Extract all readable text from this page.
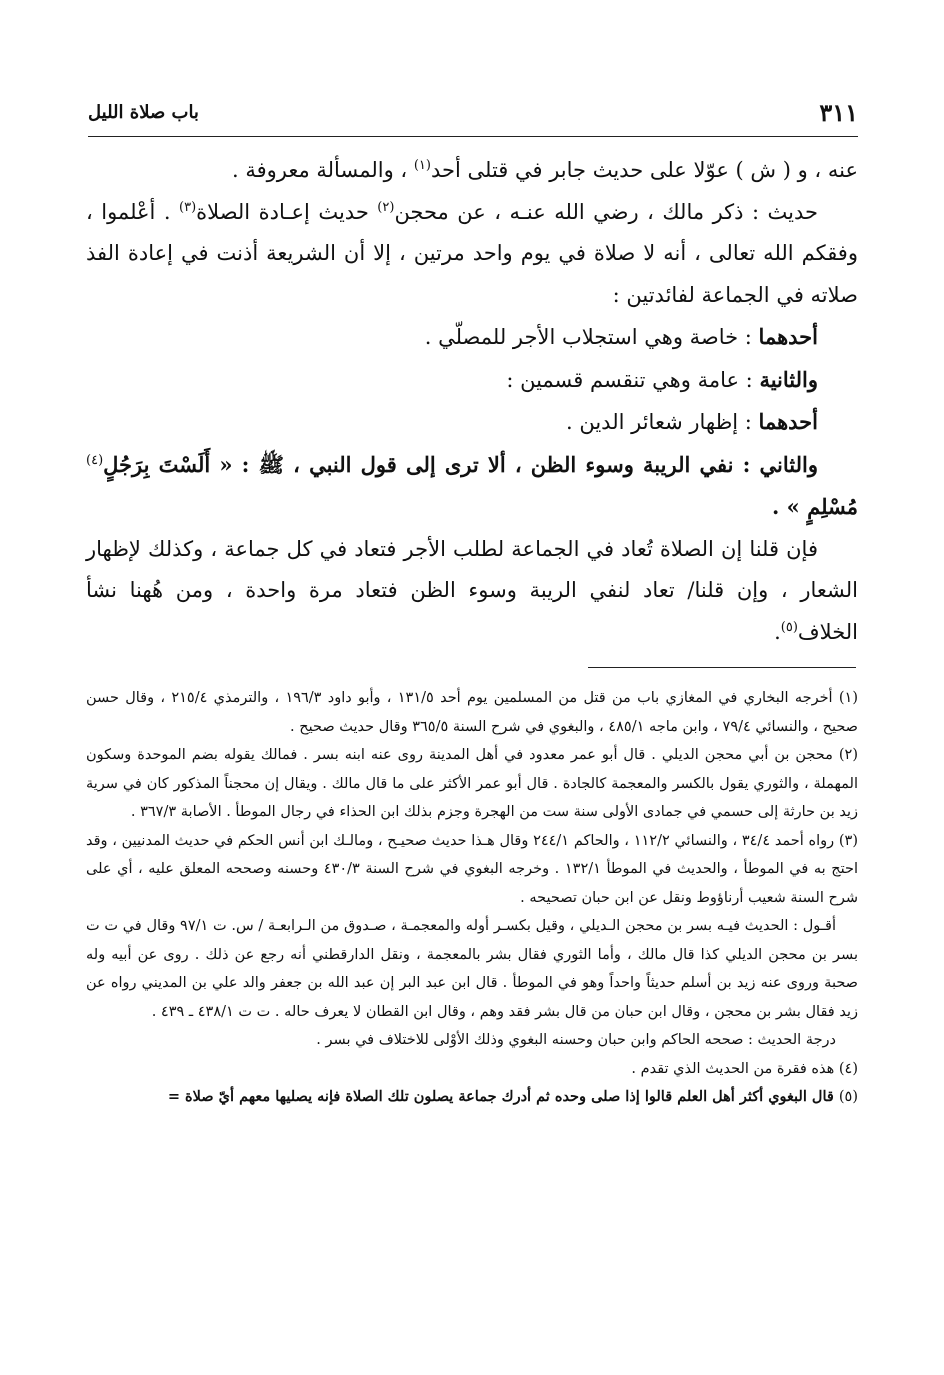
٣١١
باب صلاة الليل

عنه ، و ( ش ) عوّلا على حديث جابر في قتلى أحد$^{(١)}$ ، والمسألة معروفة .

حديث : ذكر مالك ، رضي الله عنـه ، عن محجن$^{(٢)}$ حديث إعـادة الصلاة$^{(٣)}$ . أعْلموا ، وفقكم الله تعالى ، أنه لا صلاة في يوم واحد مرتين ، إلا أن الشريعة أذنت في إعادة الفذ صلاته في الجماعة لفائدتين :

أحدهما : خاصة وهي استجلاب الأجر للمصلّي .

والثانية : عامة وهي تنقسم قسمين :

أحدهما : إظهار شعائر الدين .

والثاني : نفي الريبة وسوء الظن ، ألا ترى إلى قول النبي ، ﷺ : « أَلَسْتَ بِرَجُلٍ$^{(٤)}$ مُسْلِمٍ » .

فإن قلنا إن الصلاة تُعاد في الجماعة لطلب الأجر فتعاد في كل جماعة ، وكذلك لإظهار الشعار ، وإن قلنا/ تعاد لنفي الريبة وسوء الظن فتعاد مرة واحدة ، ومن هُهنا نشأ الخلاف$^{(٥)}$.

(١) أخرجه البخاري في المغازي باب من قتل من المسلمين يوم أحد ١٣١/٥ ، وأبو داود ١٩٦/٣ ، والترمذي ٢١٥/٤ ، وقال حسن صحيح ، والنسائي ٧٩/٤ ، وابن ماجه ٤٨٥/١ ، والبغوي في شرح السنة ٣٦٥/٥ وقال حديث صحيح .

(٢) محجن بن أبي محجن الديلي . قال أبو عمر معدود في أهل المدينة روى عنه ابنه بسر . فمالك يقوله بضم الموحدة وسكون المهملة ، والثوري يقول بالكسر والمعجمة كالجادة . قال أبو عمر الأكثر على ما قال مالك . ويقال إن محجناً المذكور كان في سرية زيد بن حارثة إلى حسمي في جمادى الأولى سنة ست من الهجرة وجزم بذلك ابن الحذاء في رجال الموطأ . الأصابة ٣٦٧/٣ .

(٣) رواه أحمد ٣٤/٤ ، والنسائي ١١٢/٢ ، والحاكم ٢٤٤/١ وقال هـذا حديث صحيـح ، ومالـك ابن أنس الحكم في حديث المدنيين ، وقد احتج به في الموطأ ، والحديث في الموطأ ١٣٢/١ . وخرجه البغوي في شرح السنة ٤٣٠/٣ وحسنه وصححه المعلق عليه ، أي على شرح السنة شعيب أرناؤوط ونقل عن ابن حبان تصحيحه .

أقـول : الحديث فيـه بسر بن محجن الـديلي ، وقيل بكسـر أوله والمعجمـة ، صـدوق من الـرابعـة / س. ت ٩٧/١ وقال في ت ت بسر بن محجن الديلي كذا قال مالك ، وأما الثوري فقال بشر بالمعجمة ، ونقل الدارقطني أنه رجع عن ذلك . روى عن أبيه وله صحبة وروى عنه زيد بن أسلم حديثاً واحداً وهو في الموطأ . قال ابن عبد البر إن عبد الله بن جعفر والد علي بن المديني رواه عن زيد فقال بشر بن محجن ، وقال ابن حبان من قال بشر فقد وهم ، وقال ابن القطان لا يعرف حاله . ت ت ٤٣٨/١ ـ ٤٣٩ .

درجة الحديث : صححه الحاكم وابن حبان وحسنه البغوي وذلك الأوْلى للاختلاف في بسر .

(٤) هذه فقرة من الحديث الذي تقدم .

(٥) قال البغوي أكثر أهل العلم قالوا إذا صلى وحده ثم أدرك جماعة يصلون تلك الصلاة فإنه يصليها معهم أيّ صلاة =
